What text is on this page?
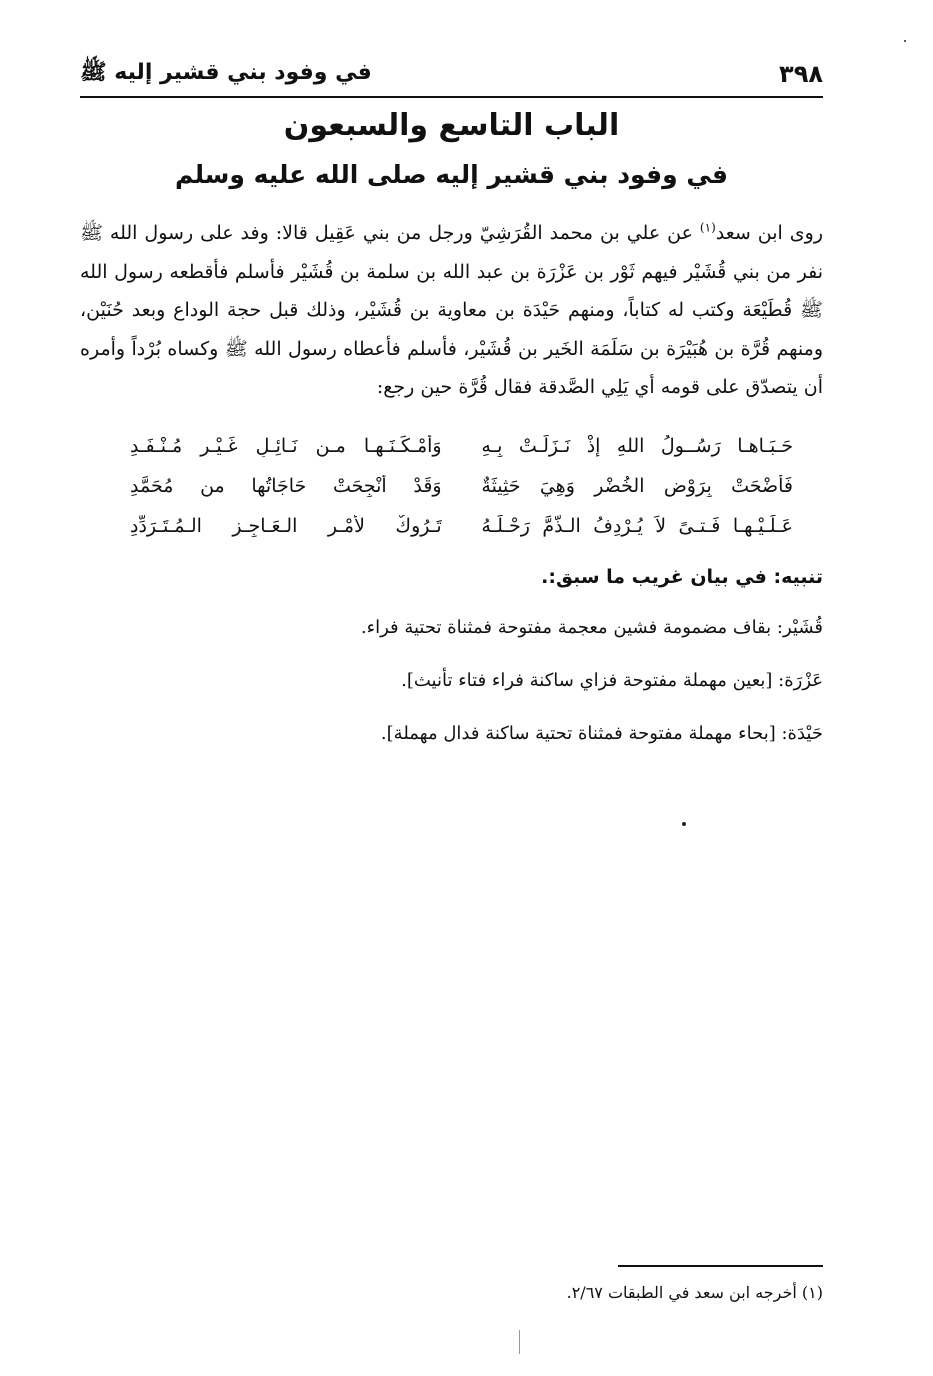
٣٩٨
في وفود بني قشير إليه ﷺ
الباب التاسع والسبعون
في وفود بني قشير إليه صلى الله عليه وسلم

روى ابن سعد$^{(١)}$ عن علي بن محمد القُرَشِيّ ورجل من بني عَقِيل قالا: وفد على رسول الله ﷺ نفر من بني قُشَيْر فيهم ثَوْر بن عَزْرَة بن عبد الله بن سلمة بن قُشَيْر فأسلم فأقطعه رسول الله ﷺ قُطَيْعَة وكتب له كتاباً، ومنهم حَيْدَة بن معاوية بن قُشَيْر، وذلك قبل حجة الوداع وبعد حُنَيْن، ومنهم قُرَّة بن هُبَيْرَة بن سَلَمَة الخَير بن قُشَيْر، فأسلم فأعطاه رسول الله ﷺ وكساه بُرْداً وأمره أن يتصدّق على قومه أي يَلِي الصَّدقة فقال قُرَّة حين رجع:

حَـبَـاهـا رَسُــولُ اللهِ إذْ نَـزَلَـتْ بِـهِ
وَأمْـكَـنَـهـا مـن نَـائِـلٍ غَـيْـرِ مُـنْـفَـدِ
فَأَضْحَتْ بِرَوْضِ الخُضْرِ وَهِيَ حَثِيثَةٌ
وَقَدْ أُنْجِحَتْ حَاجَاتُها من مُحَمَّدِ
عَـلَـيْـهـا فَـتـىً لاَ يُـرْدِفُ الـذَّمَّ رَحْـلَـهُ
تَـرُوكٌ لأَمْـرِ الـعَـاجِـزِ الـمُـتَـرَدِّدِ
تنبيه: في بيان غريب ما سبق:.
قُشَيْر: بقاف مضمومة فشين معجمة مفتوحة فمثناة تحتية فراء.
عَزْرَة: [بعين مهملة مفتوحة فزاي ساكنة فراء فتاء تأنيث].
حَيْدَة: [بحاء مهملة مفتوحة فمثناة تحتية ساكنة فدال مهملة].
(١) أخرجه ابن سعد في الطبقات ٢/٦٧.
